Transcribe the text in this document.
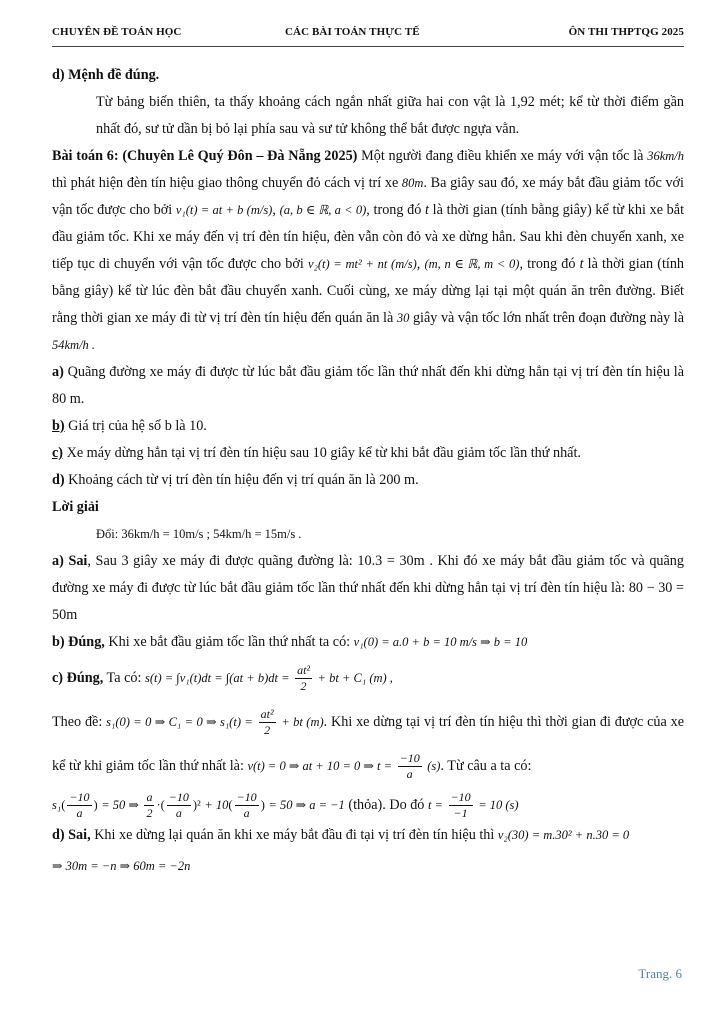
CHUYÊN ĐỀ TOÁN HỌC	CÁC BÀI TOÁN THỰC TẾ	ÔN THI THPTQG 2025

d) Mệnh đề đúng.

Từ bảng biến thiên, ta thấy khoảng cách ngắn nhất giữa hai con vật là 1,92 mét; kể từ thời điểm gần nhất đó, sư tử dần bị bỏ lại phía sau và sư tử không thể bắt được ngựa vằn.

Bài toán 6: (Chuyên Lê Quý Đôn – Đà Nẵng 2025) Một người đang điều khiển xe máy với vận tốc là 36km/h thì phát hiện đèn tín hiệu giao thông chuyển đỏ cách vị trí xe 80m. Ba giây sau đó, xe máy bắt đầu giảm tốc với vận tốc được cho bởi v₁(t) = at + b (m/s), (a, b ∈ ℝ, a < 0), trong đó t là thời gian (tính bằng giây) kể từ khi xe bắt đầu giảm tốc. Khi xe máy đến vị trí đèn tín hiệu, đèn vẫn còn đỏ và xe dừng hẳn. Sau khi đèn chuyển xanh, xe tiếp tục di chuyển với vận tốc được cho bởi v₂(t) = mt² + nt (m/s), (m, n ∈ ℝ, m < 0), trong đó t là thời gian (tính bằng giây) kể từ lúc đèn bắt đầu chuyển xanh. Cuối cùng, xe máy dừng lại tại một quán ăn trên đường. Biết rằng thời gian xe máy đi từ vị trí đèn tín hiệu đến quán ăn là 30 giây và vận tốc lớn nhất trên đoạn đường này là 54km/h .

a) Quãng đường xe máy đi được từ lúc bắt đầu giảm tốc lần thứ nhất đến khi dừng hẳn tại vị trí đèn tín hiệu là 80 m.

b) Giá trị của hệ số b là 10.

c) Xe máy dừng hẳn tại vị trí đèn tín hiệu sau 10 giây kể từ khi bắt đầu giảm tốc lần thứ nhất.

d) Khoảng cách từ vị trí đèn tín hiệu đến vị trí quán ăn là 200 m.

Lời giải

Đổi: 36km/h = 10m/s ; 54km/h = 15m/s .

a) Sai, Sau 3 giây xe máy đi được quãng đường là: 10.3 = 30m . Khi đó xe máy bắt đầu giảm tốc và quãng đường xe máy đi được từ lúc bắt đầu giảm tốc lần thứ nhất đến khi dừng hẳn tại vị trí đèn tín hiệu là: 80 − 30 = 50m

b) Đúng, Khi xe bắt đầu giảm tốc lần thứ nhất ta có: v₁(0) = a.0 + b = 10 m/s ⇒ b = 10

c) Đúng, Ta có: $s(t) = \int v_1(t)dt = \int(at + b)dt = \frac{\text{at²}}{2}$ + bt + C₁ (m) ,

Theo đề: s₁(0) = 0 ⇒ C₁ = 0 ⇒ $s_1(t) = \frac{\text{at²}}{2}$ + bt (m). Khi xe dừng tại vị trí đèn tín hiệu thì thời gian đi được của xe kể từ khi giảm tốc lần thứ nhất là: v(t) = 0 ⇒ at + 10 = 0 ⇒ $t = \frac{-10}{a} (s)$. Từ câu a ta có:

$s_1( \frac{-10}{a}$ ) = 50 ⇒ $\frac{a}{2}$ ·( $\frac{-10}{a} )^2 + 10( \frac{-10}{a}$ ) = 50 ⇒ a = −1 (thỏa). Do đó $t = \frac{-10}{-1} = 10$ (s)

d) Sai, Khi xe dừng lại quán ăn khi xe máy bắt đầu đi tại vị trí đèn tín hiệu thì v₂(30) = m.30² + n.30 = 0

⇒ 30m = −n ⇒ 60m = −2n

Trang. 6
